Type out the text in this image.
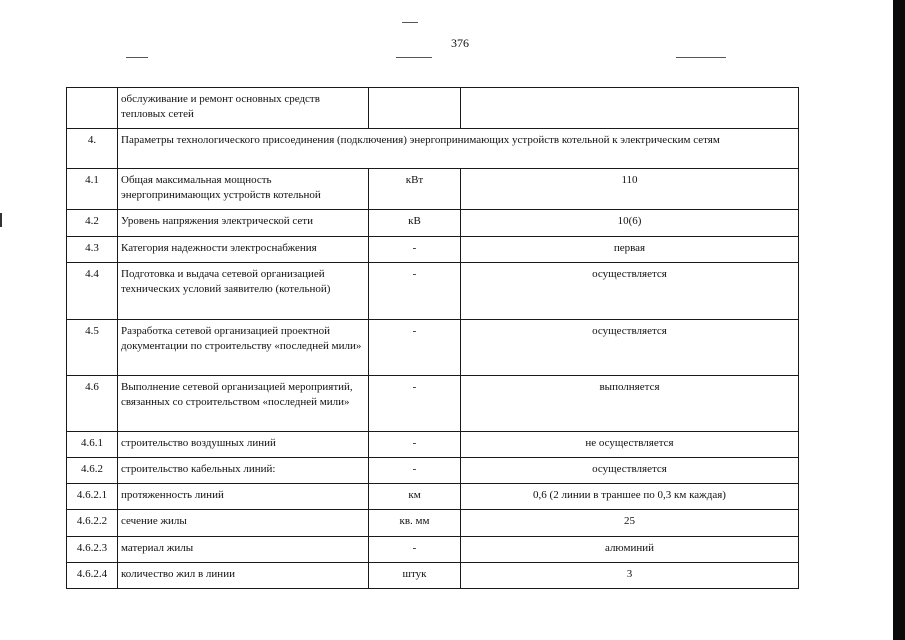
376
	обслуживание и ремонт основных средств тепловых сетей		
4.	Параметры технологического присоединения (подключения) энергопринимающих устройств котельной к электрическим сетям		
4.1	Общая максимальная мощность энергопринимающих устройств котельной	кВт	110
4.2	Уровень напряжения электрической сети	кВ	10(6)
4.3	Категория надежности электроснабжения	-	первая
4.4	Подготовка и выдача сетевой организацией технических условий заявителю (котельной)	-	осуществляется
4.5	Разработка сетевой организацией проектной документации по строительству «последней мили»	-	осуществляется
4.6	Выполнение сетевой организацией мероприятий, связанных со строительством «последней мили»	-	выполняется
4.6.1	строительство воздушных линий	-	не осуществляется
4.6.2	строительство кабельных линий:	-	осуществляется
4.6.2.1	протяженность линий	км	0,6 (2 линии в траншее по 0,3 км каждая)
4.6.2.2	сечение жилы	кв. мм	25
4.6.2.3	материал жилы	-	алюминий
4.6.2.4	количество жил в линии	штук	3
